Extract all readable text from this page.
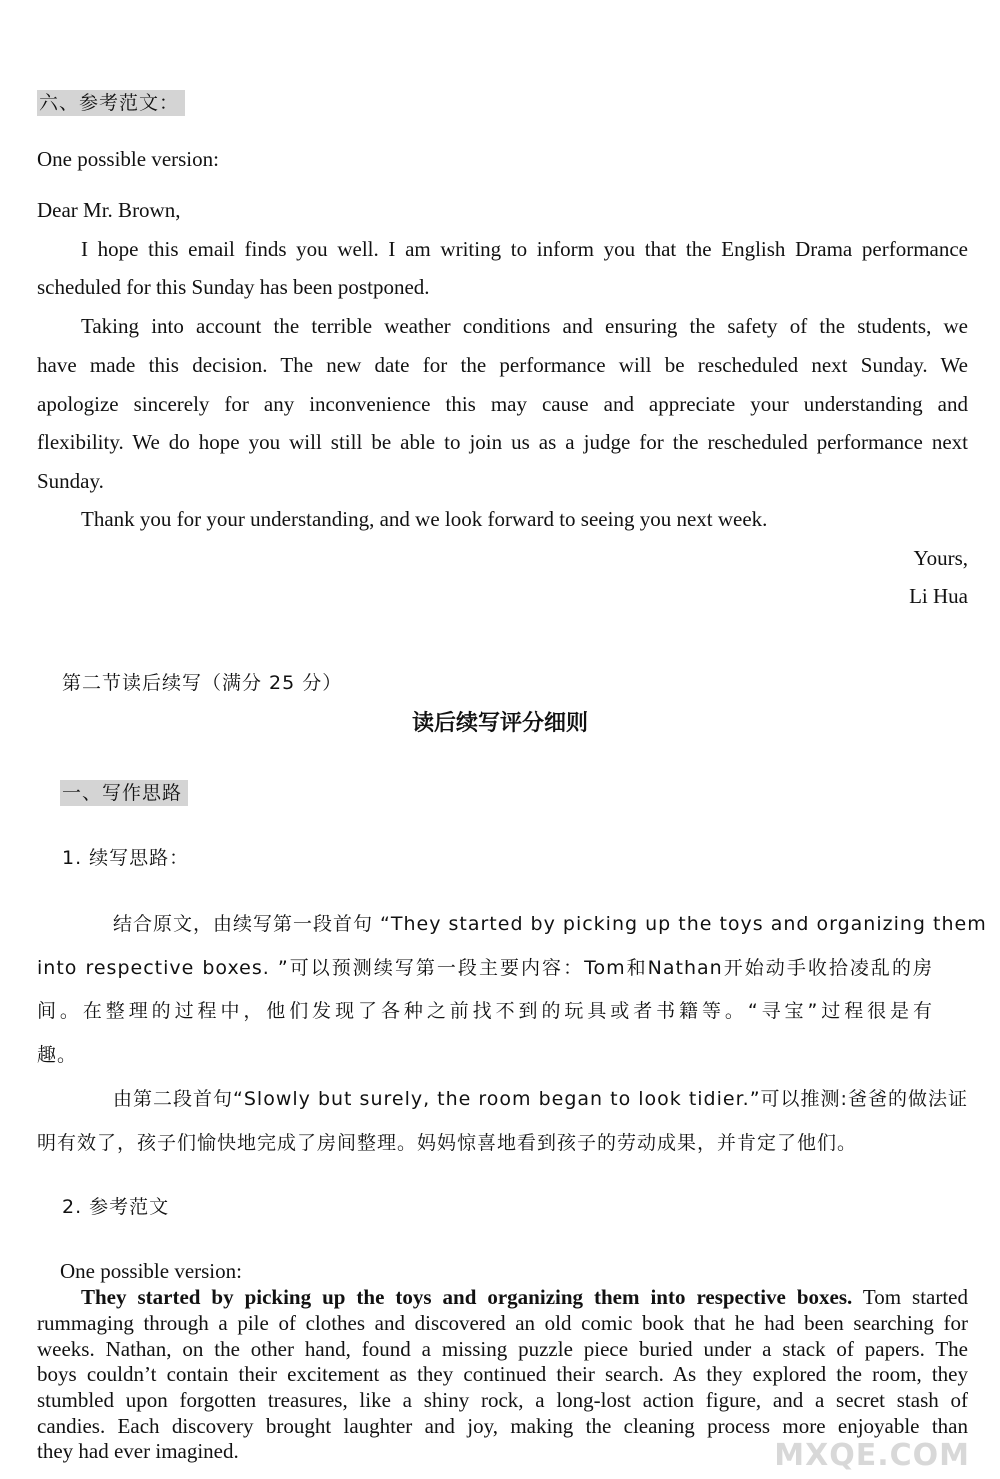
六、参考范文：
One possible version:
Dear Mr. Brown,
I hope this email finds you well. I am writing to inform you that the English Drama performance
scheduled for this Sunday has been postponed.
Taking into account the terrible weather conditions and ensuring the safety of the students, we
have made this decision. The new date for the performance will be rescheduled next Sunday. We
apologize sincerely for any inconvenience this may cause and appreciate your understanding and
flexibility. We do hope you will still be able to join us as a judge for the rescheduled performance next
Sunday.
Thank you for your understanding, and we look forward to seeing you next week.
Yours,
Li Hua
第二节读后续写（满分 25 分）
读后续写评分细则
一、写作思路
1. 续写思路：
结合原文，由续写第一段首句 “They started by picking up the toys and organizing them
into respective boxes. ”可以预测续写第一段主要内容：Tom和Nathan开始动手收拾凌乱的房
间。在整理的过程中，他们发现了各种之前找不到的玩具或者书籍等。“寻宝”过程很是有
趣。
由第二段首句“Slowly but surely, the room began to look tidier.”可以推测:爸爸的做法证
明有效了，孩子们愉快地完成了房间整理。妈妈惊喜地看到孩子的劳动成果，并肯定了他们。
2. 参考范文
One possible version:
They started by picking up the toys and organizing them into respective boxes. Tom started
rummaging through a pile of clothes and discovered an old comic book that he had been searching for
weeks. Nathan, on the other hand, found a missing puzzle piece buried under a stack of papers. The
boys couldn’t contain their excitement as they continued their search. As they explored the room, they
stumbled upon forgotten treasures, like a shiny rock, a long-lost action figure, and a secret stash of
candies. Each discovery brought laughter and joy, making the cleaning process more enjoyable than
they had ever imagined.	MXQE.COM
